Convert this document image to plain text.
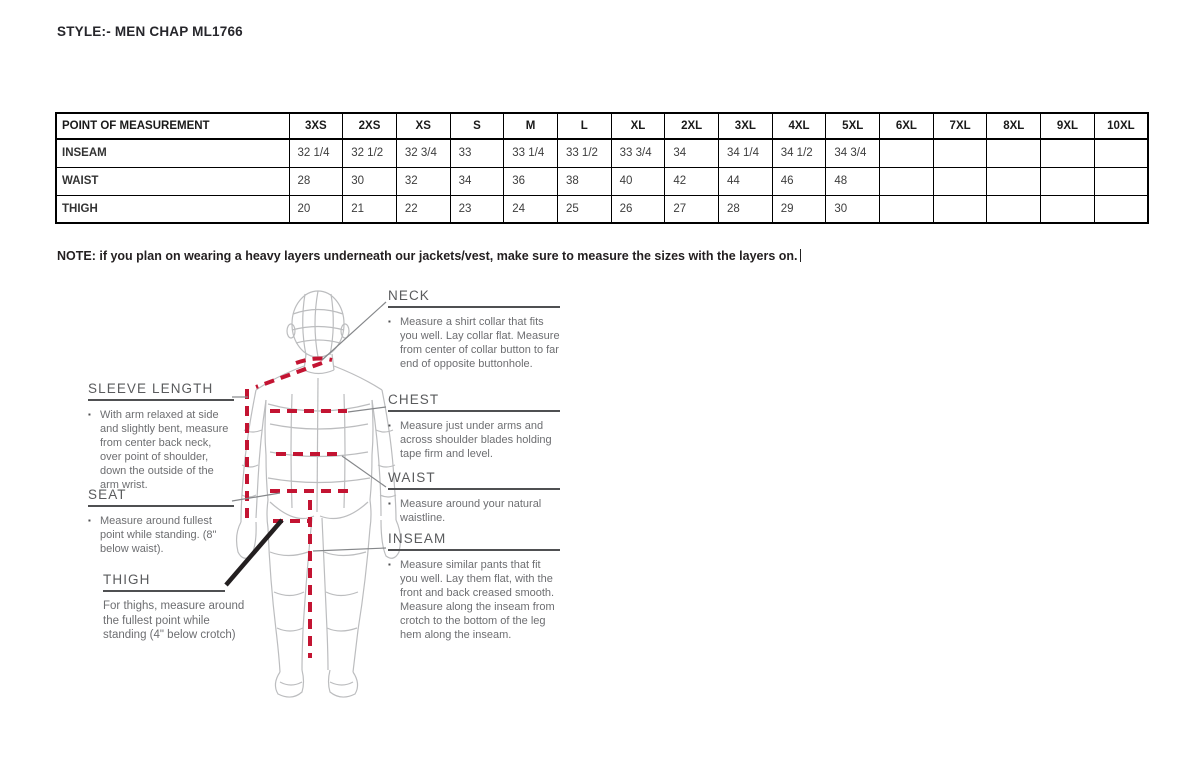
STYLE:- MEN CHAP ML1766
POINT OF MEASUREMENT	3XS	2XS	XS	S	M	L	XL	2XL	3XL	4XL	5XL	6XL	7XL	8XL	9XL	10XL
INSEAM	32 1/4	32 1/2	32 3/4	33	33 1/4	33 1/2	33 3/4	34	34 1/4	34 1/2	34 3/4					
WAIST	28	30	32	34	36	38	40	42	44	46	48					
THIGH	20	21	22	23	24	25	26	27	28	29	30					
NOTE: if you plan on wearing a heavy layers underneath our jackets/vest, make sure to measure the sizes with the layers on.
NECK
▪ Measure a shirt collar that fits you well. Lay collar flat. Measure from center of collar button to far end of opposite buttonhole.

CHEST
▪ Measure just under arms and across shoulder blades holding tape firm and level.

WAIST
▪ Measure around your natural waistline.

INSEAM
▪ Measure similar pants that fit you well. Lay them flat, with the front and back creased smooth. Measure along the inseam from crotch to the bottom of the leg hem along the inseam.

SLEEVE LENGTH
▪ With arm relaxed at side and slightly bent, measure from center back neck, over point of shoulder, down the outside of the arm wrist.

SEAT
▪ Measure around fullest point while standing. (8" below waist).

THIGH

For thighs, measure around the fullest point while standing (4" below crotch)
